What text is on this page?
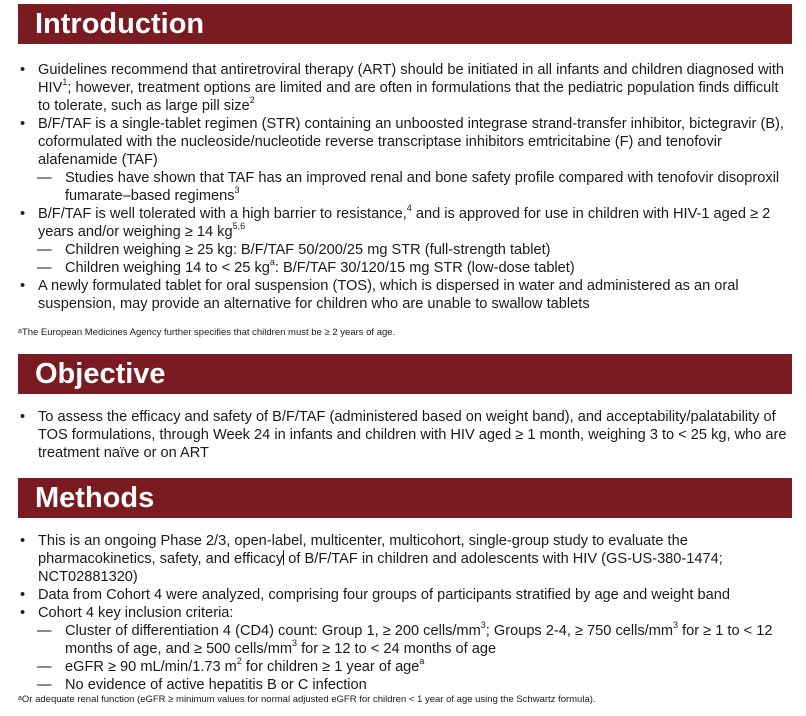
Introduction
• Guidelines recommend that antiretroviral therapy (ART) should be initiated in all infants and children diagnosed with HIV$^1$; however, treatment options are limited and are often in formulations that the pediatric population finds difficult to tolerate, such as large pill size$^2$
• B/F/TAF is a single-tablet regimen (STR) containing an unboosted integrase strand-transfer inhibitor, bictegravir (B), coformulated with the nucleoside/nucleotide reverse transcriptase inhibitors emtricitabine (F) and tenofovir alafenamide (TAF)
— Studies have shown that TAF has an improved renal and bone safety profile compared with tenofovir disoproxil fumarate–based regimens$^3$
• B/F/TAF is well tolerated with a high barrier to resistance,$^4$ and is approved for use in children with HIV-1 aged ≥ 2 years and/or weighing ≥ 14 kg$^{5,6}$
— Children weighing ≥ 25 kg: B/F/TAF 50/200/25 mg STR (full-strength tablet)
— Children weighing 14 to < 25 $kg^a$: B/F/TAF 30/120/15 mg STR (low-dose tablet)
• A newly formulated tablet for oral suspension (TOS), which is dispersed in water and administered as an oral suspension, may provide an alternative for children who are unable to swallow tablets
$^a$The European Medicines Agency further specifies that children must be ≥ 2 years of age.
Objective
• To assess the efficacy and safety of B/F/TAF (administered based on weight band), and acceptability/palatability of TOS formulations, through Week 24 in infants and children with HIV aged ≥ 1 month, weighing 3 to < 25 kg, who are treatment naïve or on ART
Methods
• This is an ongoing Phase 2/3, open-label, multicenter, multicohort, single-group study to evaluate the pharmacokinetics, safety, and efficacy of B/F/TAF in children and adolescents with HIV (GS-US-380-1474; NCT02881320)
• Data from Cohort 4 were analyzed, comprising four groups of participants stratified by age and weight band
• Cohort 4 key inclusion criteria:
— Cluster of differentiation 4 (CD4) count: Group 1, ≥ 200 cells/$mm^3$; Groups 2-4, ≥ 750 cells/$mm^3$ for ≥ 1 to < 12 months of age, and ≥ 500 cells/$mm^3$ for ≥ 12 to < 24 months of age
— eGFR ≥ 90 mL/min/1.73 $m^2$ for children ≥ 1 year of age$^a$
— No evidence of active hepatitis B or C infection
$^a$Or adequate renal function (eGFR ≥ minimum values for normal adjusted eGFR for children < 1 year of age using the Schwartz formula).
